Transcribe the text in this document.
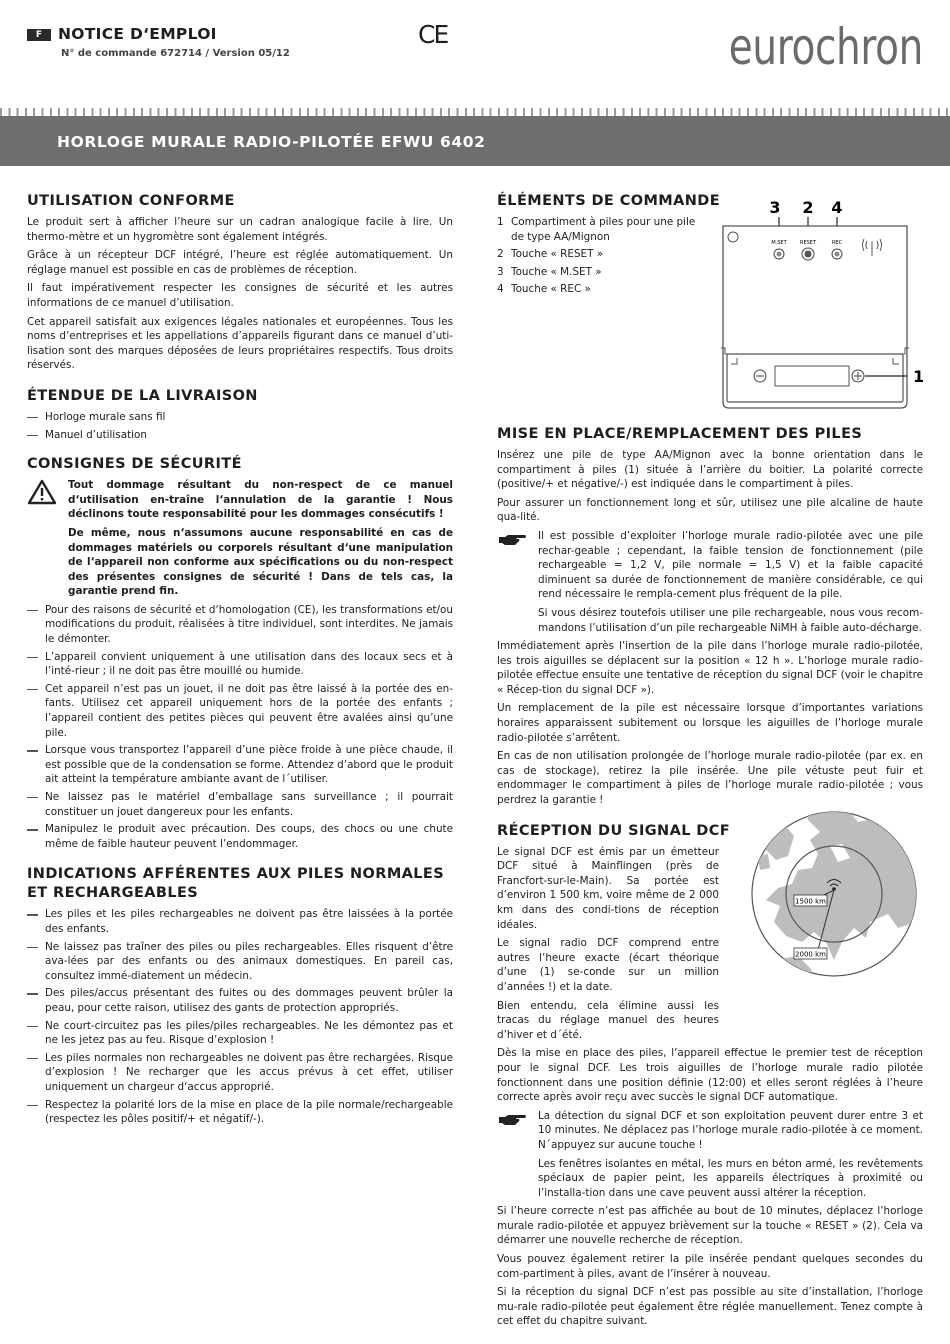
F	NOTICE D‘EMPLOI
N° de commande 672714 / Version 05/12
CE	eurochron
HORLOGE MURALE RADIO-PILOTÉE EFWU 6402
UTILISATION CONFORME

Le produit sert à afficher l’heure sur un cadran analogique facile à lire. Un thermo-mètre et un hygromètre sont également intégrés.

Grâce à un récepteur DCF intégré, l’heure est réglée automatiquement. Un réglage manuel est possible en cas de problèmes de réception.

Il faut impérativement respecter les consignes de sécurité et les autres informations de ce manuel d’utilisation.

Cet appareil satisfait aux exigences légales nationales et européennes. Tous les noms d’entreprises et les appellations d’appareils figurant dans ce manuel d’uti-lisation sont des marques déposées de leurs propriétaires respectifs. Tous droits réservés.

ÉTENDUE DE LA LIVRAISON
Horloge murale sans fil
Manuel d’utilisation
CONSIGNES DE SÉCURITÉ

Tout dommage résultant du non-respect de ce manuel d‘utilisation en-traîne l‘annulation de la garantie ! Nous déclinons toute responsabilité pour les dommages consécutifs !

De même, nous n‘assumons aucune responsabilité en cas de dommages matériels ou corporels résultant d‘une manipulation de l‘appareil non conforme aux spécifications ou du non-respect des présentes consignes de sécurité ! Dans de tels cas, la garantie prend fin.

Pour des raisons de sécurité et d‘homologation (CE), les transformations et/ou modifications du produit, réalisées à titre individuel, sont interdites. Ne jamais le démonter.
L’appareil convient uniquement à une utilisation dans des locaux secs et à l’inté-rieur ; il ne doit pas être mouillé ou humide.
Cet appareil n’est pas un jouet, il ne doit pas être laissé à la portée des en-fants. Utilisez cet appareil uniquement hors de la portée des enfants ; l’appareil contient des petites pièces qui peuvent être avalées ainsi qu’une pile.
Lorsque vous transportez l’appareil d’une pièce froide à une pièce chaude, il est possible que de la condensation se forme. Attendez d’abord que le produit ait atteint la température ambiante avant de l´utiliser.
Ne laissez pas le matériel d’emballage sans surveillance ; il pourrait constituer un jouet dangereux pour les enfants.
Manipulez le produit avec précaution. Des coups, des chocs ou une chute même de faible hauteur peuvent l’endommager.
INDICATIONS AFFÉRENTES AUX PILES NORMALES ET RECHARGEABLES
Les piles et les piles rechargeables ne doivent pas être laissées à la portée des enfants.
Ne laissez pas traîner des piles ou piles rechargeables. Elles risquent d’être ava-lées par des enfants ou des animaux domestiques. En pareil cas, consultez immé-diatement un médecin.
Des piles/accus présentant des fuites ou des dommages peuvent brûler la peau, pour cette raison, utilisez des gants de protection appropriés.
Ne court-circuitez pas les piles/piles rechargeables. Ne les démontez pas et ne les jetez pas au feu. Risque d’explosion !
Les piles normales non rechargeables ne doivent pas être rechargées. Risque d’explosion ! Ne recharger que les accus prévus à cet effet, utiliser uniquement un chargeur d‘accus approprié.
Respectez la polarité lors de la mise en place de la pile normale/rechargeable (respectez les pôles positif/+ et négatif/-).
ÉLÉMENTS DE COMMANDE
1 Compartiment à piles pour une pile de type AA/Mignon
2 Touche « RESET »
3 Touche « M.SET »
4 Touche « REC »
MISE EN PLACE/REMPLACEMENT DES PILES

Insérez une pile de type AA/Mignon avec la bonne orientation dans le compartiment à piles (1) située à l’arrière du boitier. La polarité correcte (positive/+ et négative/-) est indiquée dans le compartiment à piles.

Pour assurer un fonctionnement long et sûr, utilisez une pile alcaline de haute qua-lité.

Il est possible d’exploiter l’horloge murale radio-pilotée avec une pile rechar-geable ; cependant, la faible tension de fonctionnement (pile rechargeable = 1,2 V, pile normale = 1,5 V) et la faible capacité diminuent sa durée de fonctionnement de manière considérable, ce qui rend nécessaire le rempla-cement plus fréquent de la pile.

Si vous désirez toutefois utiliser une pile rechargeable, nous vous recom-mandons l’utilisation d’un pile rechargeable NiMH à faible auto-décharge.

Immédiatement après l’insertion de la pile dans l’horloge murale radio-pilotée, les trois aiguilles se déplacent sur la position « 12 h ». L’horloge murale radio-pilotée effectue ensuite une tentative de réception du signal DCF (voir le chapitre « Récep-tion du signal DCF »).

Un remplacement de la pile est nécessaire lorsque d’importantes variations horaires apparaissent subitement ou lorsque les aiguilles de l’horloge murale radio-pilotée s’arrêtent.

En cas de non utilisation prolongée de l’horloge murale radio-pilotée (par ex. en cas de stockage), retirez la pile insérée. Une pile vétuste peut fuir et endommager le compartiment à piles de l’horloge murale radio-pilotée ; vous perdrez la garantie !

RÉCEPTION DU SIGNAL DCF

Le signal DCF est émis par un émetteur DCF situé à Mainflingen (près de Francfort-sur-le-Main). Sa portée est d’environ 1 500 km, voire même de 2 000 km dans des condi-tions de réception idéales.

Le signal radio DCF comprend entre autres l’heure exacte (écart théorique d’une (1) se-conde sur un million d’années !) et la date.

Bien entendu, cela élimine aussi les tracas du réglage manuel des heures d’hiver et d´été.

Dès la mise en place des piles, l’appareil effectue le premier test de réception pour le signal DCF. Les trois aiguilles de l’horloge murale radio pilotée fonctionnent dans une position définie (12:00) et elles seront réglées à l’heure correcte après avoir reçu avec succès le signal DCF automatique.

La détection du signal DCF et son exploitation peuvent durer entre 3 et 10 minutes. Ne déplacez pas l’horloge murale radio-pilotée à ce moment. N´appuyez sur aucune touche !

Les fenêtres isolantes en métal, les murs en béton armé, les revêtements spéciaux de papier peint, les appareils électriques à proximité ou l’installa-tion dans une cave peuvent aussi altérer la réception.

Si l’heure correcte n’est pas affichée au bout de 10 minutes, déplacez l’horloge murale radio-pilotée et appuyez brièvement sur la touche « RESET » (2). Cela va démarrer une nouvelle recherche de réception.

Vous pouvez également retirer la pile insérée pendant quelques secondes du com-partiment à piles, avant de l’insérer à nouveau.

Si la réception du signal DCF n’est pas possible au site d’installation, l’horloge mu-rale radio-pilotée peut également être réglée manuellement. Tenez compte à cet effet du chapitre suivant.

3 2 4
M.SET	RESET	REC
1
1500 km
2000 km
